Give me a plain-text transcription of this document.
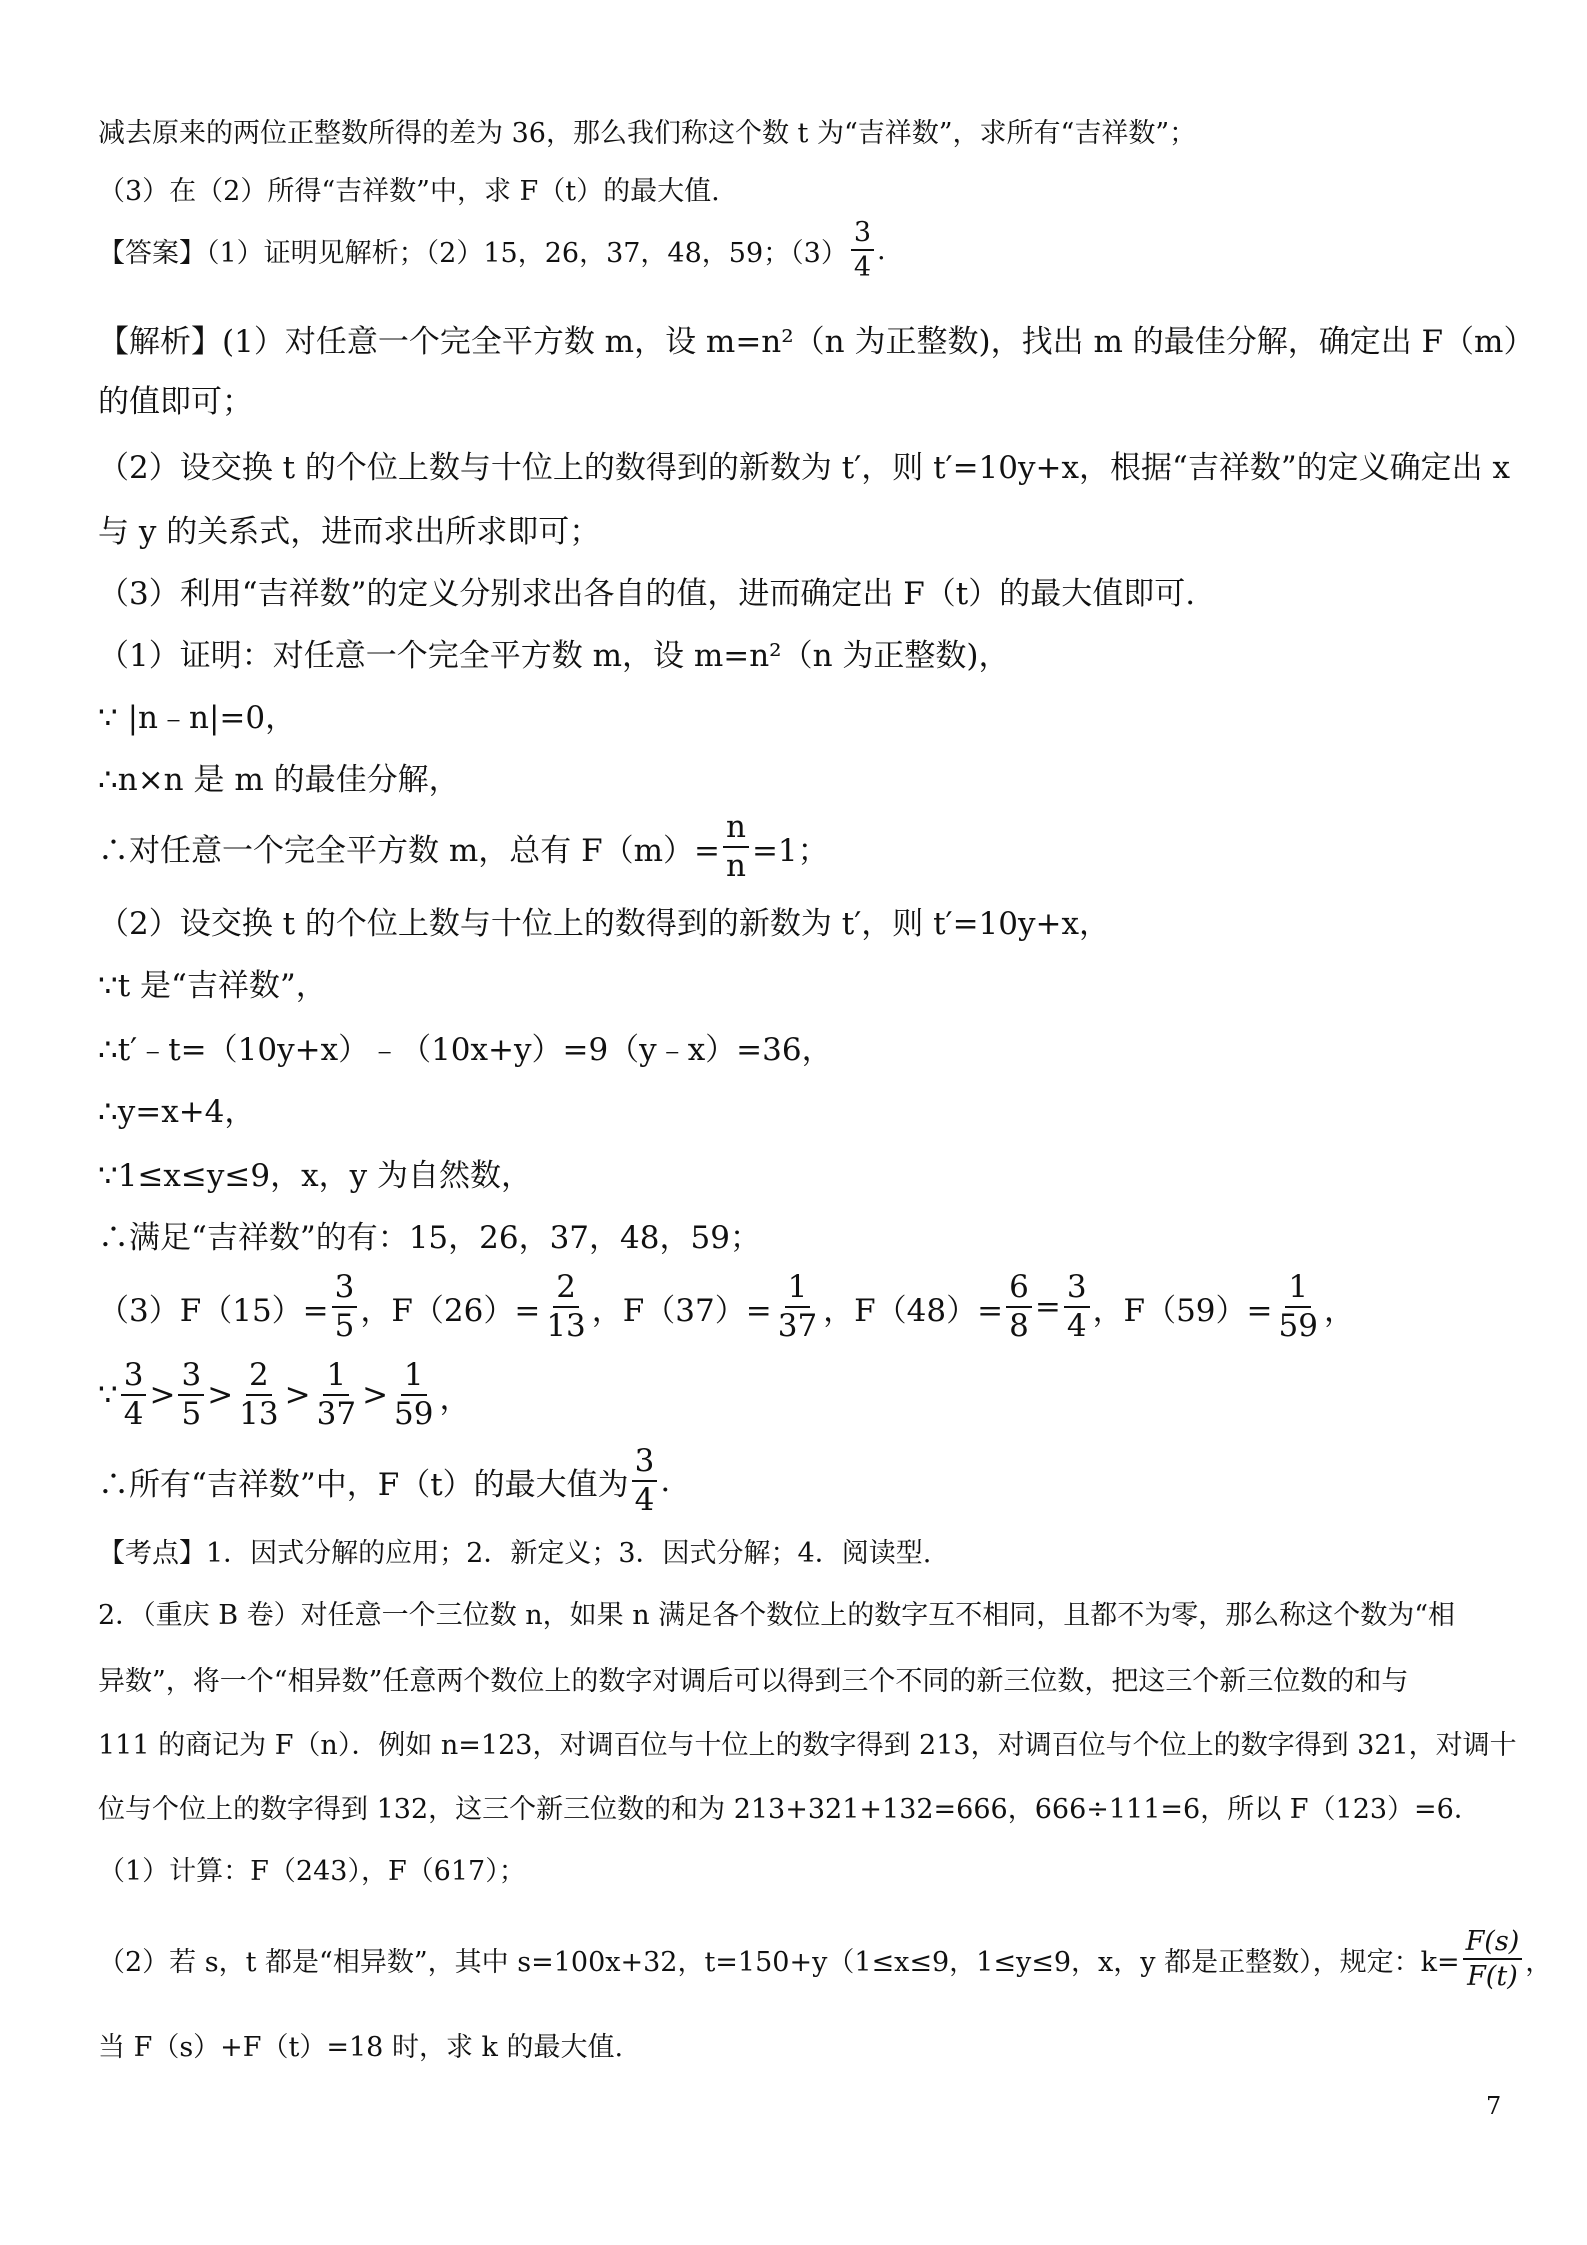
减去原来的两位正整数所得的差为 36，那么我们称这个数 t 为“吉祥数”，求所有“吉祥数”；
（3）在（2）所得“吉祥数”中，求 F（t）的最大值.
【答案】（1）证明见解析；（2）15，26，37，48，59；$(3) \frac{3}{4}$ .
【解析】(1）对任意一个完全平方数 m，设 m=n²（n 为正整数)，找出 m 的最佳分解，确定出 F（m）
的值即可；
（2）设交换 t 的个位上数与十位上的数得到的新数为 t′，则 t′=10y+x，根据“吉祥数”的定义确定出 x
与 y 的关系式，进而求出所求即可；
（3）利用“吉祥数”的定义分别求出各自的值，进而确定出 F（t）的最大值即可.
（1）证明：对任意一个完全平方数 m，设 m=n²（n 为正整数)，
∵ |n﹣n|=0，
∴n×n 是 m 的最佳分解，
∴对任意一个完全平方数 m，总有 $F(m)= \frac{n}{n} =1$；
（2）设交换 t 的个位上数与十位上的数得到的新数为 t′，则 t′=10y+x，
∵t 是“吉祥数”，
∴t′﹣t=（10y+x）﹣（10x+y）=9（y﹣x）=36，
∴y=x+4，
∵1≤x≤y≤9，x，y 为自然数，
∴满足“吉祥数”的有：15，26，37，48，59；
$(3)F(15)= \frac{3}{5}$ ，$F(26)= \frac{2}{13}$ ，$F(37)= \frac{1}{37}$ ，$F(48)= \frac{6}{8} = \frac{3}{4}$ ，$F(59)= \frac{1}{59}$ ，
∵ $\frac{3}{4} > \frac{3}{5} > \frac{2}{13} > \frac{1}{37} > \frac{1}{59}$ ，
∴所有“吉祥数”中，F（t）的最大值为 $\frac{3}{4}$ .
【考点】1．因式分解的应用；2．新定义；3．因式分解；4．阅读型.
2．（重庆 B 卷）对任意一个三位数 n，如果 n 满足各个数位上的数字互不相同，且都不为零，那么称这个数为“相
异数”，将一个“相异数”任意两个数位上的数字对调后可以得到三个不同的新三位数，把这三个新三位数的和与
111 的商记为 F（n）．例如 n=123，对调百位与十位上的数字得到 213，对调百位与个位上的数字得到 321，对调十
位与个位上的数字得到 132，这三个新三位数的和为 213+321+132=666，666÷111=6，所以 F（123）=6．
（1）计算：F（243），F（617）；
（2）若 s，t 都是“相异数”，其中 s=100x+32，t=150+y（1≤x≤9，1≤y≤9，x，y 都是正整数），规定：$k= \frac{F(s)}{F(t)}$ ，
当 F（s）+F（t）=18 时，求 k 的最大值.
7
